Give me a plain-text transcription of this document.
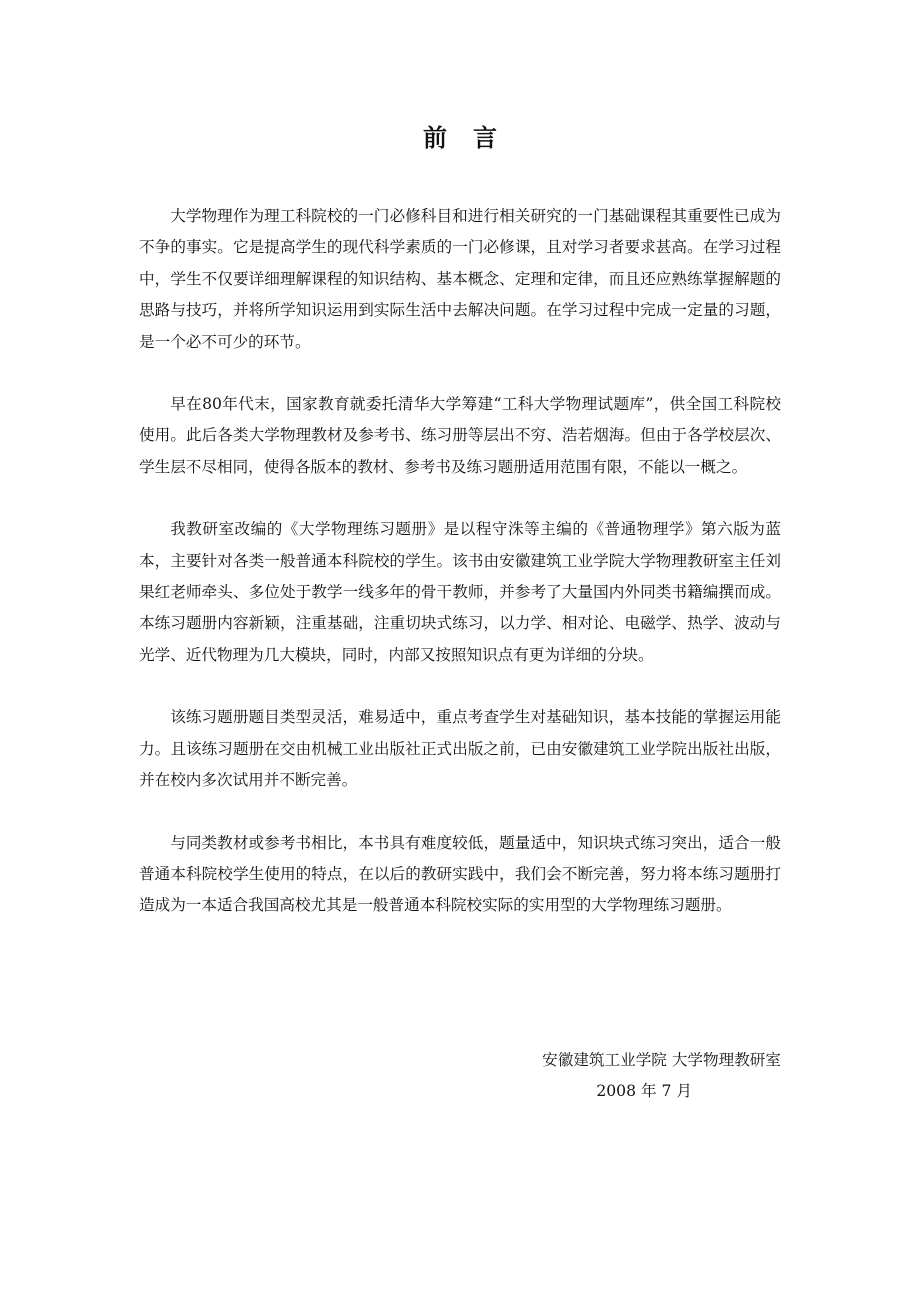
前言

大学物理作为理工科院校的一门必修科目和进行相关研究的一门基础课程其重要性已成为不争的事实。它是提高学生的现代科学素质的一门必修课，且对学习者要求甚高。在学习过程中，学生不仅要详细理解课程的知识结构、基本概念、定理和定律，而且还应熟练掌握解题的思路与技巧，并将所学知识运用到实际生活中去解决问题。在学习过程中完成一定量的习题，是一个必不可少的环节。

早在80年代末，国家教育就委托清华大学筹建“工科大学物理试题库”，供全国工科院校使用。此后各类大学物理教材及参考书、练习册等层出不穷、浩若烟海。但由于各学校层次、学生层不尽相同，使得各版本的教材、参考书及练习题册适用范围有限，不能以一概之。

我教研室改编的《大学物理练习题册》是以程守洙等主编的《普通物理学》第六版为蓝本，主要针对各类一般普通本科院校的学生。该书由安徽建筑工业学院大学物理教研室主任刘果红老师牵头、多位处于教学一线多年的骨干教师，并参考了大量国内外同类书籍编撰而成。本练习题册内容新颖，注重基础，注重切块式练习，以力学、相对论、电磁学、热学、波动与光学、近代物理为几大模块，同时，内部又按照知识点有更为详细的分块。

该练习题册题目类型灵活，难易适中，重点考查学生对基础知识，基本技能的掌握运用能力。且该练习题册在交由机械工业出版社正式出版之前，已由安徽建筑工业学院出版社出版，并在校内多次试用并不断完善。

与同类教材或参考书相比，本书具有难度较低，题量适中，知识块式练习突出，适合一般普通本科院校学生使用的特点，在以后的教研实践中，我们会不断完善，努力将本练习题册打造成为一本适合我国高校尤其是一般普通本科院校实际的实用型的大学物理练习题册。

安徽建筑工业学院 大学物理教研室
2008 年 7 月
